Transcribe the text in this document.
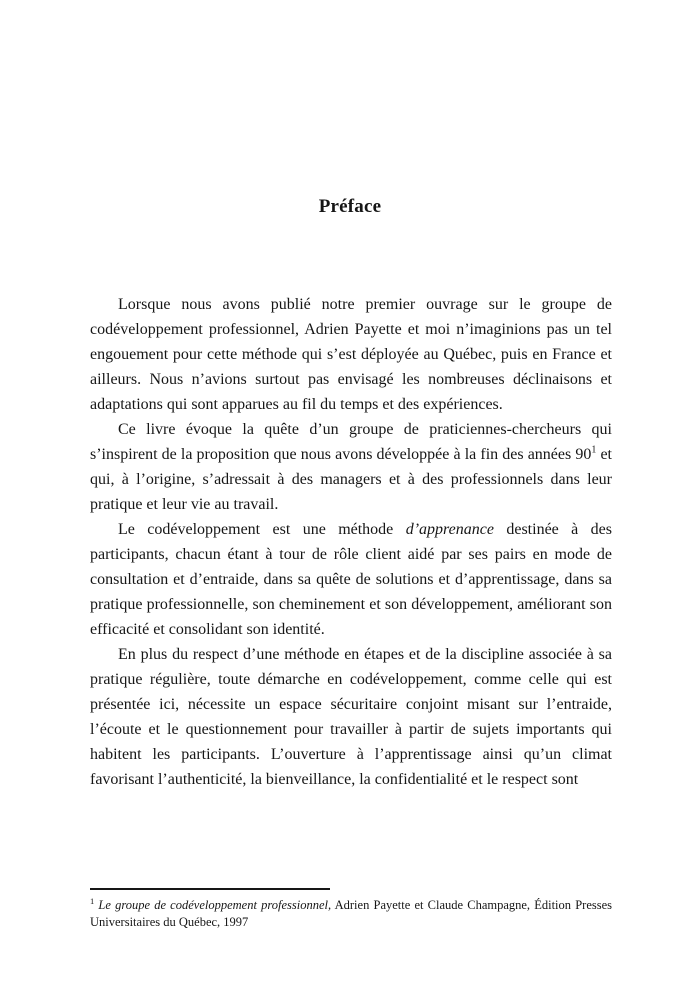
Préface

Lorsque nous avons publié notre premier ouvrage sur le groupe de codéveloppement professionnel, Adrien Payette et moi n’imaginions pas un tel engouement pour cette méthode qui s’est déployée au Québec, puis en France et ailleurs. Nous n’avions surtout pas envisagé les nombreuses déclinaisons et adaptations qui sont apparues au fil du temps et des expériences.

Ce livre évoque la quête d’un groupe de praticiennes-chercheurs qui s’inspirent de la proposition que nous avons développée à la fin des années 90$^1$ et qui, à l’origine, s’adressait à des managers et à des professionnels dans leur pratique et leur vie au travail.

Le codéveloppement est une méthode d’apprenance destinée à des participants, chacun étant à tour de rôle client aidé par ses pairs en mode de consultation et d’entraide, dans sa quête de solutions et d’apprentissage, dans sa pratique professionnelle, son cheminement et son développement, améliorant son efficacité et consolidant son identité.

En plus du respect d’une méthode en étapes et de la discipline associée à sa pratique régulière, toute démarche en codéveloppement, comme celle qui est présentée ici, nécessite un espace sécuritaire conjoint misant sur l’entraide, l’écoute et le questionnement pour travailler à partir de sujets importants qui habitent les participants. L’ouverture à l’apprentissage ainsi qu’un climat favorisant l’authenticité, la bienveillance, la confidentialité et le respect sont

$^1$ Le groupe de codéveloppement professionnel, Adrien Payette et Claude Champagne, Édition Presses Universitaires du Québec, 1997
